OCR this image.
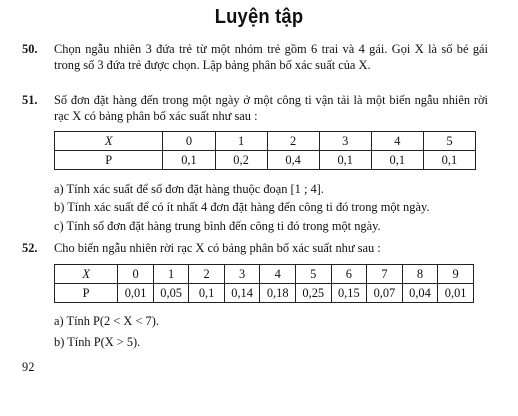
Luyện tập
50.	Chọn ngẫu nhiên 3 đứa trẻ từ một nhóm trẻ gồm 6 trai và 4 gái. Gọi X là số bé gái trong số 3 đứa trẻ được chọn. Lập bảng phân bố xác suất của X.
51.	Số đơn đặt hàng đến trong một ngày ở một công ti vận tải là một biến ngẫu nhiên rời rạc X có bảng phân bố xác suất như sau :
X	0	1	2	3	4	5
P	0,1	0,2	0,4	0,1	0,1	0,1
a) Tính xác suất để số đơn đặt hàng thuộc đoạn [1 ; 4].
b) Tính xác suất để có ít nhất 4 đơn đặt hàng đến công ti đó trong một ngày.
c) Tính số đơn đặt hàng trung bình đến công ti đó trong một ngày.
52.	Cho biến ngẫu nhiên rời rạc X có bảng phân bố xác suất như sau :
X	0	1	2	3	4	5	6	7	8	9
P	0,01	0,05	0,1	0,14	0,18	0,25	0,15	0,07	0,04	0,01
a) Tính P(2 < X < 7).
b) Tính P(X > 5).
92
